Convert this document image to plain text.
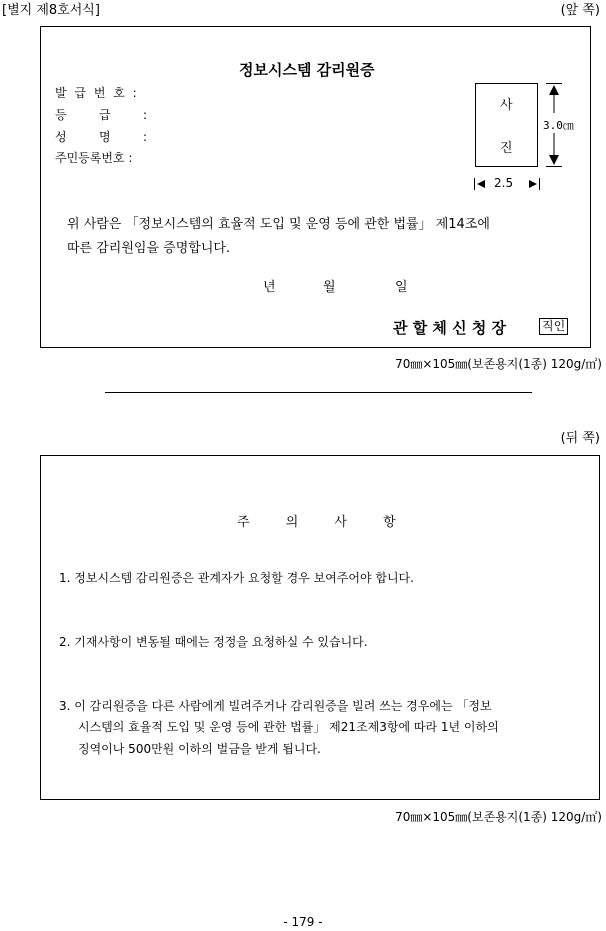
[별지 제8호서식]	(앞 쪽)
정보시스템 감리원증
발 급 번 호 :
등 급 :
성 명 :
주민등록번호 :
사
진
3.0㎝
2.5
위 사람은 「정보시스템의 효율적 도입 및 운영 등에 관한 법률」 제14조에
따른 감리원임을 증명합니다.
년	월	일
관 할 체 신 청 장	직인
70㎜×105㎜(보존용지(1종) 120g/㎡)
(뒤 쪽)
주 의 사 항
1. 정보시스템 감리원증은 관계자가 요청할 경우 보여주어야 합니다.
2. 기재사항이 변동될 때에는 정정을 요청하실 수 있습니다.
3. 이 감리원증을 다른 사람에게 빌려주거나 감리원증을 빌려 쓰는 경우에는 「정보
시스템의 효율적 도입 및 운영 등에 관한 법률」 제21조제3항에 따라 1년 이하의
징역이나 500만원 이하의 벌금을 받게 됩니다.
70㎜×105㎜(보존용지(1종) 120g/㎡)
- 179 -
